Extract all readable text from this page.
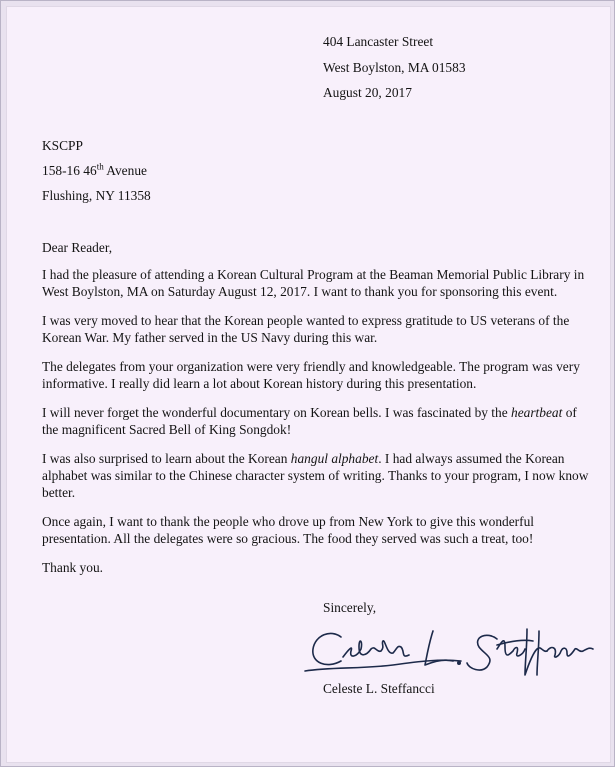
404 Lancaster Street
West Boylston, MA 01583
August 20, 2017
KSCPP
158-16 46th Avenue
Flushing, NY 11358

Dear Reader,

I had the pleasure of attending a Korean Cultural Program at the Beaman Memorial Public Library in West Boylston, MA on Saturday August 12, 2017. I want to thank you for sponsoring this event.

I was very moved to hear that the Korean people wanted to express gratitude to US veterans of the Korean War. My father served in the US Navy during this war.

The delegates from your organization were very friendly and knowledgeable. The program was very informative. I really did learn a lot about Korean history during this presentation.

I will never forget the wonderful documentary on Korean bells. I was fascinated by the heartbeat of the magnificent Sacred Bell of King Songdok!

I was also surprised to learn about the Korean hangul alphabet. I had always assumed the Korean alphabet was similar to the Chinese character system of writing. Thanks to your program, I now know better.

Once again, I want to thank the people who drove up from New York to give this wonderful presentation. All the delegates were so gracious. The food they served was such a treat, too!

Thank you.

Sincerely,
Celeste L. Steffancci
Celeste L. Steffancci
